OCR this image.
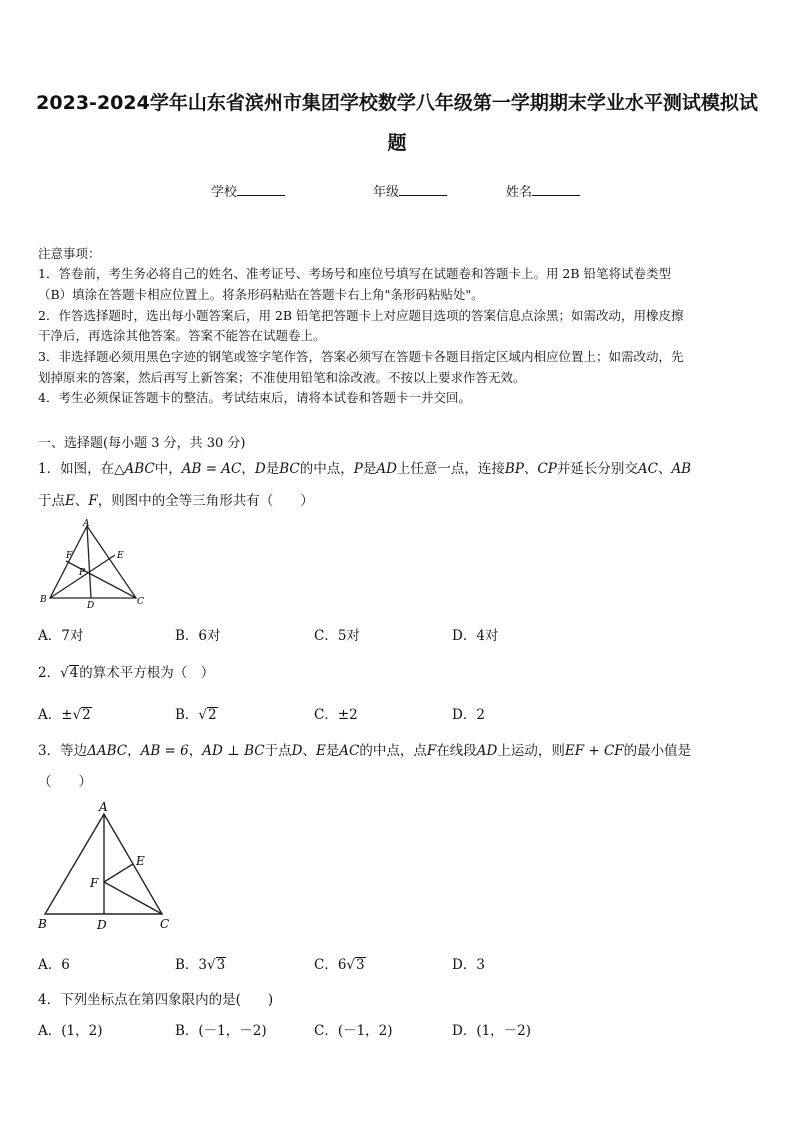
2023-2024学年山东省滨州市集团学校数学八年级第一学期期末学业水平测试模拟试
题
学校	年级	姓名
注意事项：
1．答卷前，考生务必将自己的姓名、准考证号、考场号和座位号填写在试题卷和答题卡上。用 2B 铅笔将试卷类型
（B）填涂在答题卡相应位置上。将条形码粘贴在答题卡右上角"条形码粘贴处"。
2．作答选择题时，选出每小题答案后，用 2B 铅笔把答题卡上对应题目选项的答案信息点涂黑；如需改动，用橡皮擦
干净后，再选涂其他答案。答案不能答在试题卷上。
3．非选择题必须用黑色字迹的钢笔或签字笔作答，答案必须写在答题卡各题目指定区域内相应位置上；如需改动，先
划掉原来的答案，然后再写上新答案；不准使用铅笔和涂改液。不按以上要求作答无效。
4．考生必须保证答题卡的整洁。考试结束后，请将本试卷和答题卡一并交回。
一、选择题(每小题 3 分，共 30 分)
1．如图，在△ABC中，AB = AC，D是BC的中点，P是AD上任意一点，连接BP、CP并延长分别交AC、AB
于点E、F，则图中的全等三角形共有（　　）
A
B	C
D
E
F
P
A．7对	B．6对	C．5对	D．4对
2．√4的算术平方根为（　）
A．±√2	B．√2	C．±2	D．2
3．等边ΔABC，AB = 6，AD ⊥ BC于点D、E是AC的中点，点F在线段AD上运动，则EF + CF的最小值是
（　　）
A
B	C
D
E
F
A．6	B．3√3	C．6√3	D．3
4．下列坐标点在第四象限内的是(　　)
A．(1，2)	B．(－1，－2)	C．(－1，2)	D．(1，－2)
